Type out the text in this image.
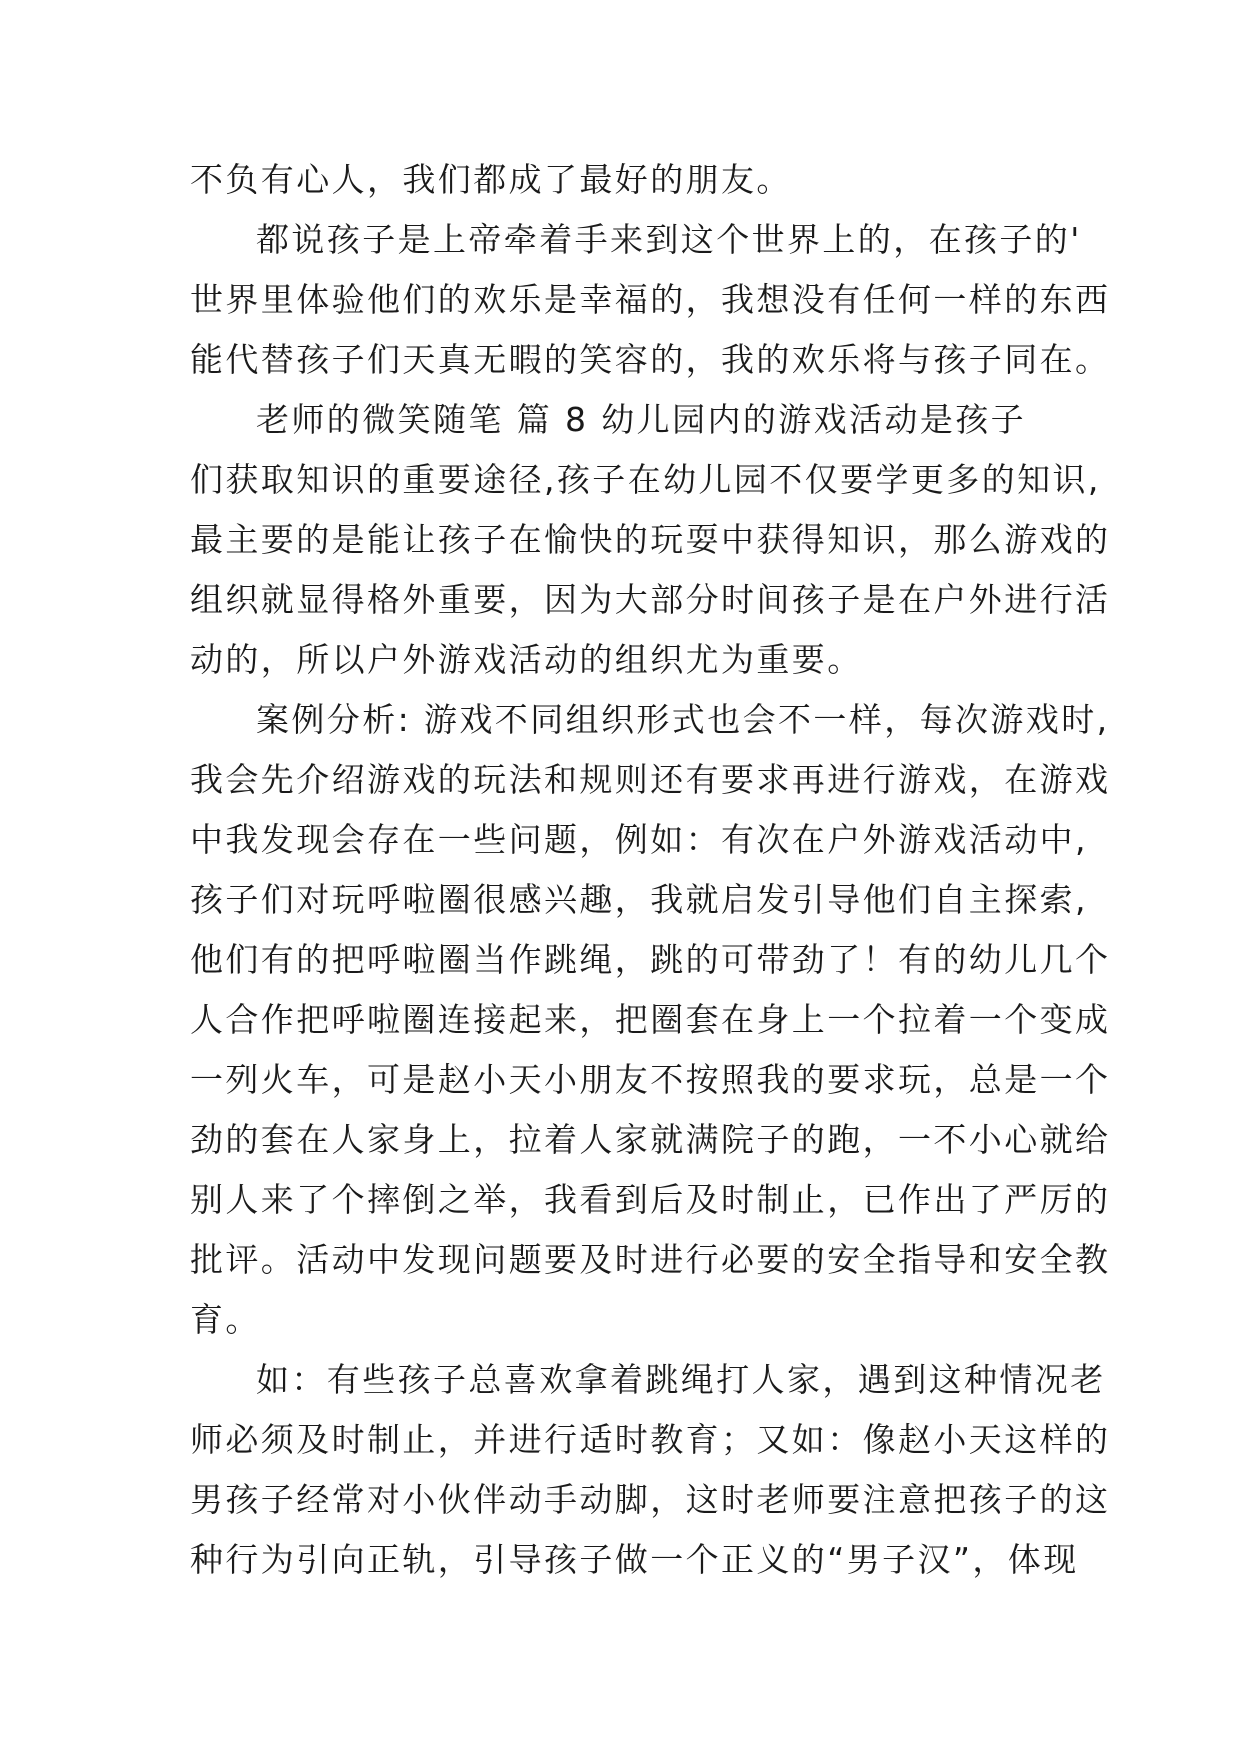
不负有心人，我们都成了最好的朋友。
都说孩子是上帝牵着手来到这个世界上的，在孩子的'
世界里体验他们的欢乐是幸福的，我想没有任何一样的东西
能代替孩子们天真无暇的笑容的，我的欢乐将与孩子同在。
老师的微笑随笔 篇 8 幼儿园内的游戏活动是孩子
们获取知识的重要途径,孩子在幼儿园不仅要学更多的知识,
最主要的是能让孩子在愉快的玩耍中获得知识，那么游戏的
组织就显得格外重要，因为大部分时间孩子是在户外进行活
动的，所以户外游戏活动的组织尤为重要。
案例分析: 游戏不同组织形式也会不一样，每次游戏时,
我会先介绍游戏的玩法和规则还有要求再进行游戏，在游戏
中我发现会存在一些问题，例如：有次在户外游戏活动中,
孩子们对玩呼啦圈很感兴趣，我就启发引导他们自主探索,
他们有的把呼啦圈当作跳绳，跳的可带劲了！有的幼儿几个
人合作把呼啦圈连接起来，把圈套在身上一个拉着一个变成
一列火车，可是赵小天小朋友不按照我的要求玩，总是一个
劲的套在人家身上，拉着人家就满院子的跑，一不小心就给
别人来了个摔倒之举，我看到后及时制止，已作出了严厉的
批评。活动中发现问题要及时进行必要的安全指导和安全教
育。
如：有些孩子总喜欢拿着跳绳打人家，遇到这种情况老
师必须及时制止，并进行适时教育；又如：像赵小天这样的
男孩子经常对小伙伴动手动脚，这时老师要注意把孩子的这
种行为引向正轨，引导孩子做一个正义的“男子汉”，体现
